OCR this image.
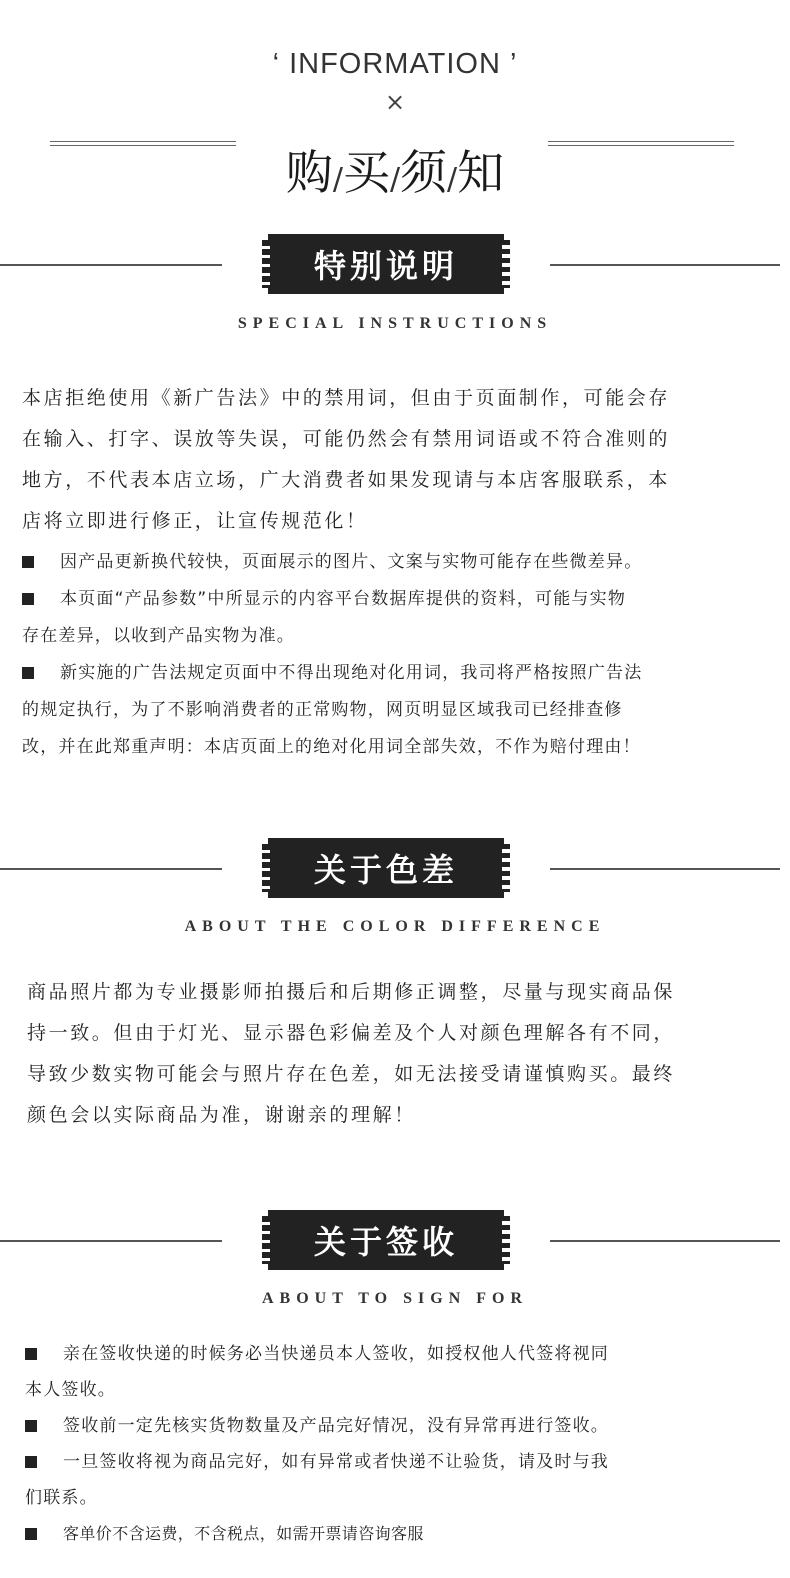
‘ INFORMATION ’
×
购/买/须/知
特别说明
SPECIAL INSTRUCTIONS
本店拒绝使用《新广告法》中的禁用词，但由于页面制作，可能会存
在输入、打字、误放等失误，可能仍然会有禁用词语或不符合准则的
地方，不代表本店立场，广大消费者如果发现请与本店客服联系，本
店将立即进行修正，让宣传规范化！
因产品更新换代较快，页面展示的图片、文案与实物可能存在些微差异。
本页面“产品参数”中所显示的内容平台数据库提供的资料，可能与实物
存在差异，以收到产品实物为准。
新实施的广告法规定页面中不得出现绝对化用词，我司将严格按照广告法
的规定执行，为了不影响消费者的正常购物，网页明显区域我司已经排查修
改，并在此郑重声明：本店页面上的绝对化用词全部失效，不作为赔付理由！
关于色差
ABOUT THE COLOR DIFFERENCE
商品照片都为专业摄影师拍摄后和后期修正调整，尽量与现实商品保
持一致。但由于灯光、显示器色彩偏差及个人对颜色理解各有不同，
导致少数实物可能会与照片存在色差，如无法接受请谨慎购买。最终
颜色会以实际商品为准，谢谢亲的理解！
关于签收
ABOUT TO SIGN FOR
亲在签收快递的时候务必当快递员本人签收，如授权他人代签将视同
本人签收。
签收前一定先核实货物数量及产品完好情况，没有异常再进行签收。
一旦签收将视为商品完好，如有异常或者快递不让验货，请及时与我
们联系。
客单价不含运费，不含税点，如需开票请咨询客服
